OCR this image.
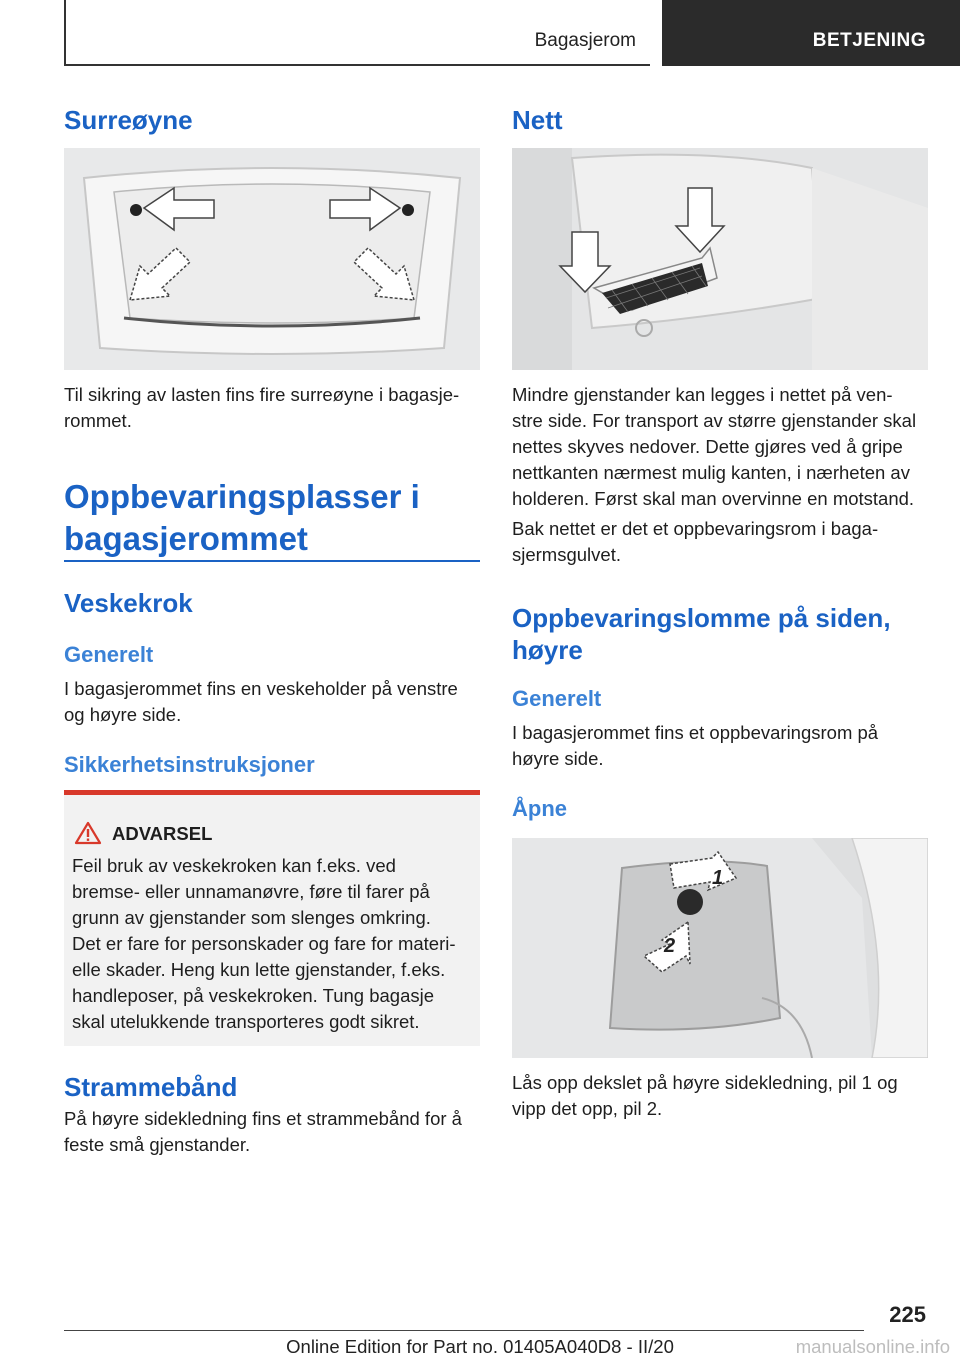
Bagasjerom	BETJENING
Surreøyne
Til sikring av lasten fins fire surreøyne i bagasje‐
rommet.
Oppbevaringsplasser i
bagasjerommet
Veskekrok
Generelt
I bagasjerommet fins en veskeholder på venstre
og høyre side.
Sikkerhetsinstruksjoner
ADVARSEL
Feil bruk av veskekroken kan f.eks. ved
bremse- eller unnamanøvre, føre til farer på
grunn av gjenstander som slenges omkring.
Det er fare for personskader og fare for materi‐
elle skader. Heng kun lette gjenstander, f.eks.
handleposer, på veskekroken. Tung bagasje
skal utelukkende transporteres godt sikret.
Strammebånd
På høyre sidekledning fins et strammebånd for å
feste små gjenstander.
Nett
Mindre gjenstander kan legges i nettet på ven‐
stre side. For transport av større gjenstander skal
nettes skyves nedover. Dette gjøres ved å gripe
nettkanten nærmest mulig kanten, i nærheten av
holderen. Først skal man overvinne en motstand.
Bak nettet er det et oppbevaringsrom i baga‐
sjermsgulvet.
Oppbevaringslomme på siden,
høyre
Generelt
I bagasjerommet fins et oppbevaringsrom på
høyre side.
Åpne
1
2
Lås opp dekslet på høyre sidekledning, pil 1 og
vipp det opp, pil 2.
225
Online Edition for Part no. 01405A040D8 - II/20	manualsonline.info
